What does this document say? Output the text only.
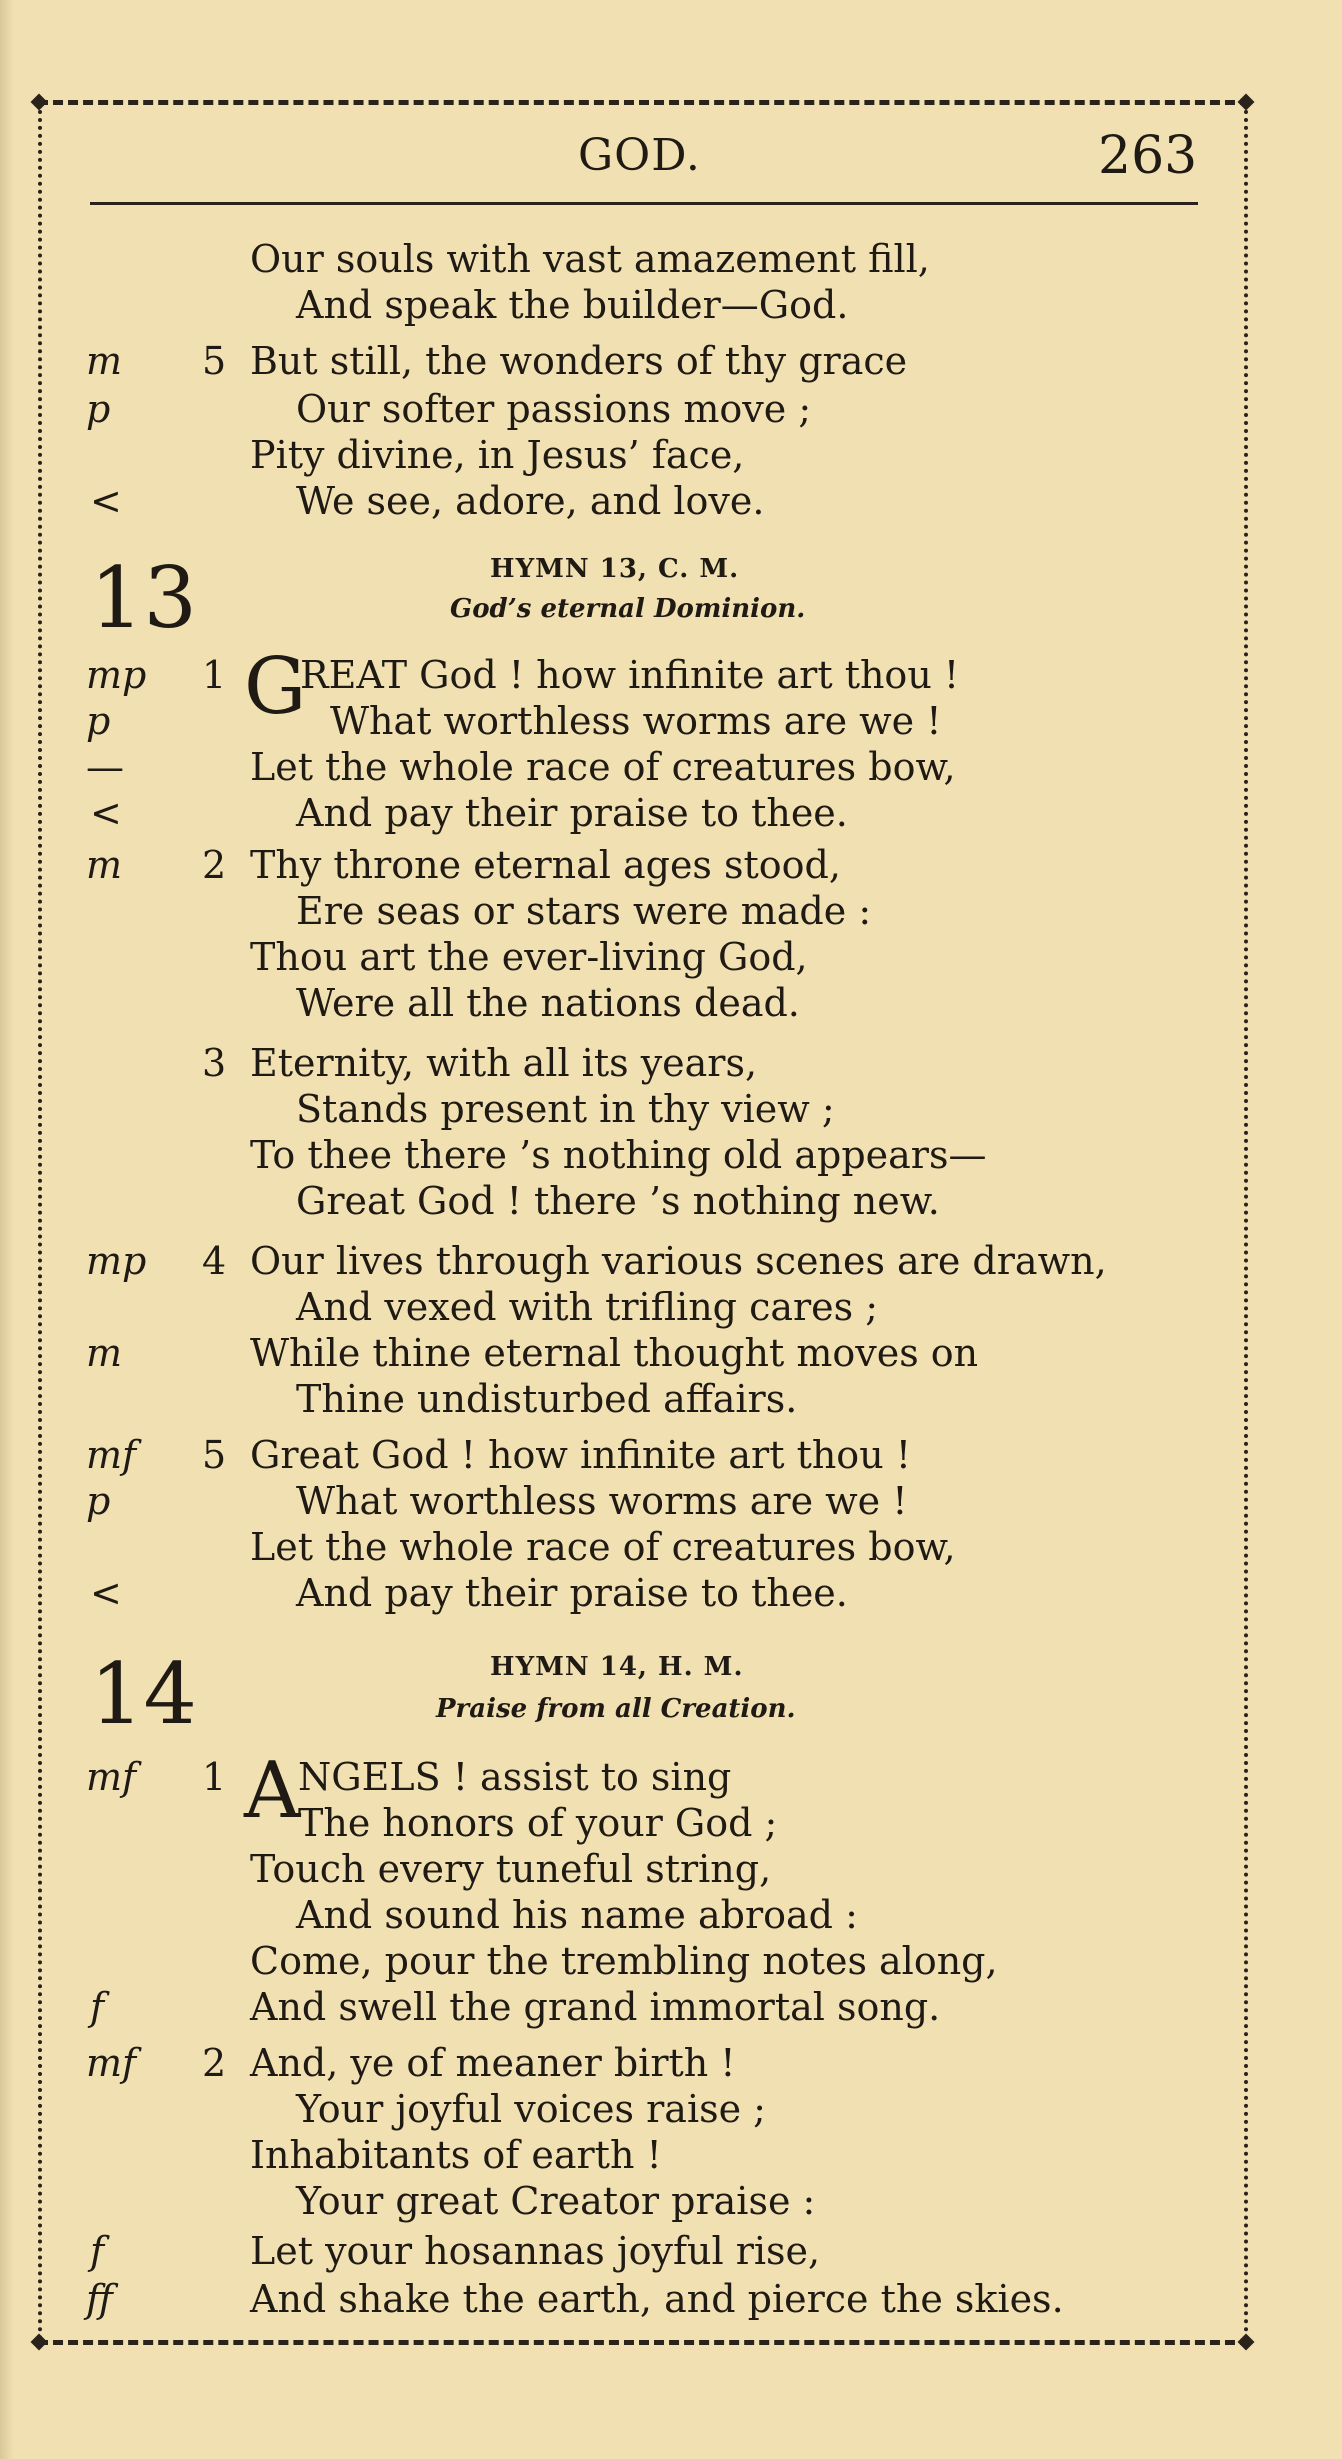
GOD.	263
Our souls with vast amazement fill,
And speak the builder—God.
m 5 But still, the wonders of thy grace
p	Our softer passions move ;
Pity divine, in Jesus’ face,
<	We see, adore, and love.
13	HYMN 13, C. M.
God’s eternal Dominion.
mp 1 G
REAT God ! how infinite art thou !
p	What worthless worms are we !
—	Let the whole race of creatures bow,
<	And pay their praise to thee.
m 2 Thy throne eternal ages stood,
Ere seas or stars were made :
Thou art the ever-living God,
Were all the nations dead.
3 Eternity, with all its years,
Stands present in thy view ;
To thee there ’s nothing old appears—
Great God ! there ’s nothing new.
mp 4 Our lives through various scenes are drawn,
And vexed with trifling cares ;
m	While thine eternal thought moves on
Thine undisturbed affairs.
mf 5 Great God ! how infinite art thou !
p	What worthless worms are we !
Let the whole race of creatures bow,
<	And pay their praise to thee.
14	HYMN 14, H. M.
Praise from all Creation.
mf 1 A
NGELS ! assist to sing
The honors of your God ;
Touch every tuneful string,
And sound his name abroad :
Come, pour the trembling notes along,
f	And swell the grand immortal song.
mf 2 And, ye of meaner birth !
Your joyful voices raise ;
Inhabitants of earth !
Your great Creator praise :
f	Let your hosannas joyful rise,
ff	And shake the earth, and pierce the skies.
